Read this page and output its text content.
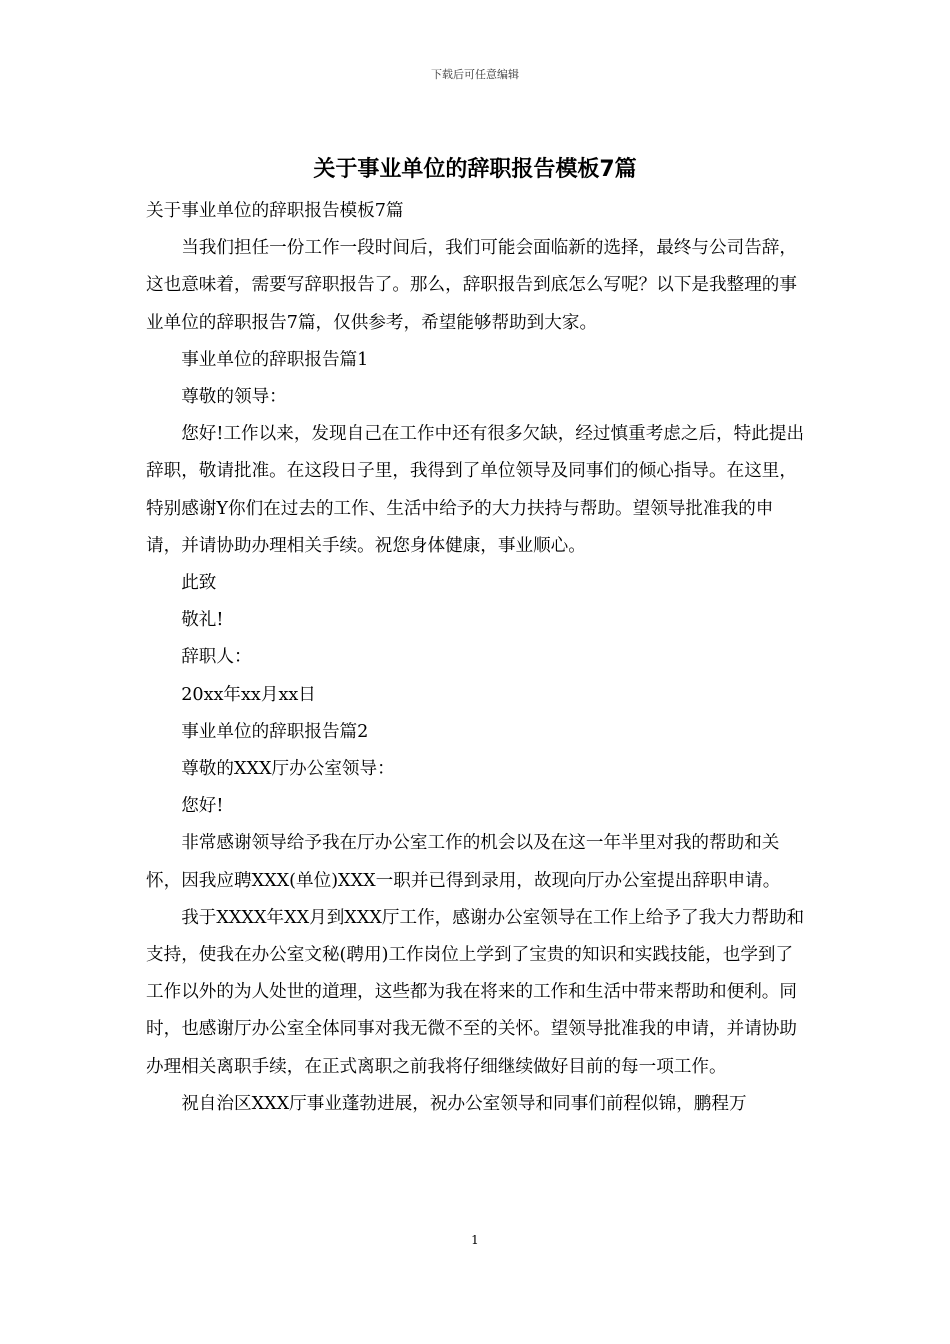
下载后可任意编辑
关于事业单位的辞职报告模板7篇

关于事业单位的辞职报告模板7篇

当我们担任一份工作一段时间后，我们可能会面临新的选择，最终与公司告辞，这也意味着，需要写辞职报告了。那么，辞职报告到底怎么写呢？以下是我整理的事业单位的辞职报告7篇，仅供参考，希望能够帮助到大家。

事业单位的辞职报告篇1

尊敬的领导：

您好!工作以来，发现自己在工作中还有很多欠缺，经过慎重考虑之后，特此提出辞职，敬请批准。在这段日子里，我得到了单位领导及同事们的倾心指导。在这里，特别感谢Y你们在过去的工作、生活中给予的大力扶持与帮助。望领导批准我的申请，并请协助办理相关手续。祝您身体健康，事业顺心。

此致

敬礼!

辞职人：

20xx年xx月xx日

事业单位的辞职报告篇2

尊敬的XXX厅办公室领导：

您好!

非常感谢领导给予我在厅办公室工作的机会以及在这一年半里对我的帮助和关怀，因我应聘XXX(单位)XXX一职并已得到录用，故现向厅办公室提出辞职申请。

我于XXXX年XX月到XXX厅工作，感谢办公室领导在工作上给予了我大力帮助和支持，使我在办公室文秘(聘用)工作岗位上学到了宝贵的知识和实践技能，也学到了工作以外的为人处世的道理，这些都为我在将来的工作和生活中带来帮助和便利。同时，也感谢厅办公室全体同事对我无微不至的关怀。望领导批准我的申请，并请协助办理相关离职手续，在正式离职之前我将仔细继续做好目前的每一项工作。

祝自治区XXX厅事业蓬勃进展，祝办公室领导和同事们前程似锦，鹏程万

1
